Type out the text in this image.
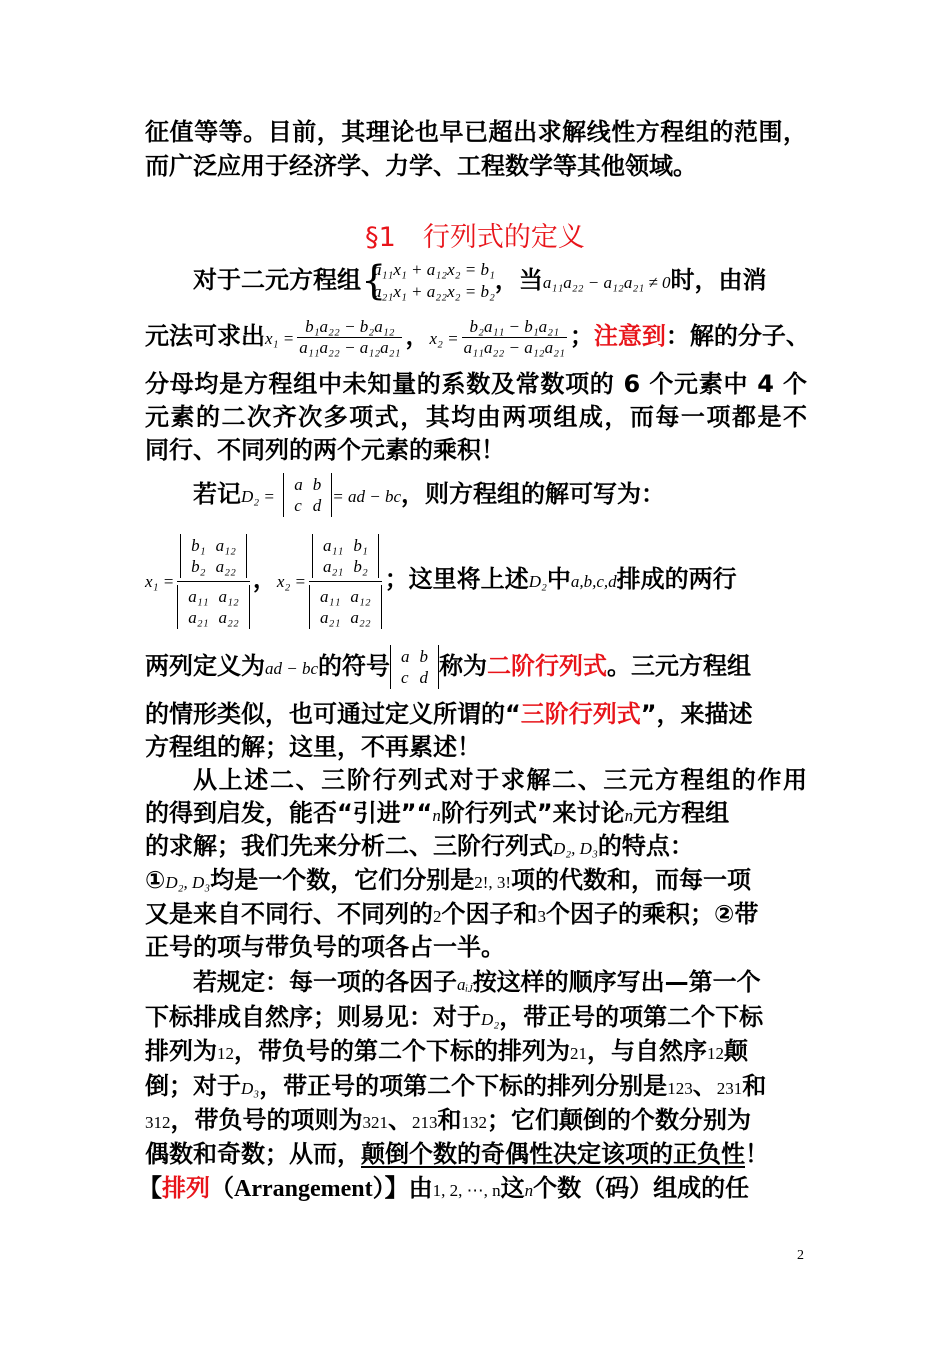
征值等等。目前，其理论也早已超出求解线性方程组的范围，
而广泛应用于经济学、力学、工程数学等其他领域。
§1　行列式的定义
对于二元方程组 {
a₁₁x₁ + a₁₂x₂ = b₁
a₂₁x₁ + a₂₂x₂ = b₂ ，当a₁₁a₂₂ − a₁₂a₂₁ ≠ 0时，由消
元法可求出$x_1 = \frac{\text{b₁a₂₂ − b₂a₁₂}}{\text{a₁₁a₂₂ − a₁₂a₂₁}}$ ，$x_2 = \frac{\text{b₂a₁₁ − b₁a₂₁}}{\text{a₁₁a₂₂ − a₁₂a₂₁}}$ ；注意到：解的分子、
分母均是方程组中未知量的系数及常数项的 6 个元素中 4 个
元素的二次齐次多项式，其均由两项组成，而每一项都是不
同行、不同列的两个元素的乘积！
若记D₂ =
a	b
c	d = ad − bc，则方程组的解可写为：
x₁ = b₁	a₁₂
b₂	a₂₂
a₁₁	a₁₂
a₂₁	a₂₂ ，x₂ = a₁₁	b₁
a₂₁	b₂
a₁₁	a₁₂
a₂₁	a₂₂ ；这里将上述D₂中a,b,c,d排成的两行
两列定义为ad − bc的符号 a	b
c	d 称为二阶行列式。三元方程组
的情形类似，也可通过定义所谓的“三阶行列式”，来描述
方程组的解；这里，不再累述！
从上述二、三阶行列式对于求解二、三元方程组的作用
的得到启发，能否“引进”“n阶行列式”来讨论n元方程组
的求解；我们先来分析二、三阶行列式D₂, D₃的特点：
①D₂, D₃均是一个数，它们分别是2!, 3!项的代数和，而每一项
又是来自不同行、不同列的2个因子和3个因子的乘积；②带
正号的项与带负号的项各占一半。
若规定：每一项的各因子aᵢⱼ按这样的顺序写出—第一个
下标排成自然序；则易见：对于D₂，带正号的项第二个下标
排列为12，带负号的第二个下标的排列为21，与自然序12颠
倒；对于D₃，带正号的项第二个下标的排列分别是123、231和
312，带负号的项则为321、213和132；它们颠倒的个数分别为
偶数和奇数；从而，颠倒个数的奇偶性决定该项的正负性！
【排列（Arrangement）】由1, 2, ⋯, n这n个数（码）组成的任
2
